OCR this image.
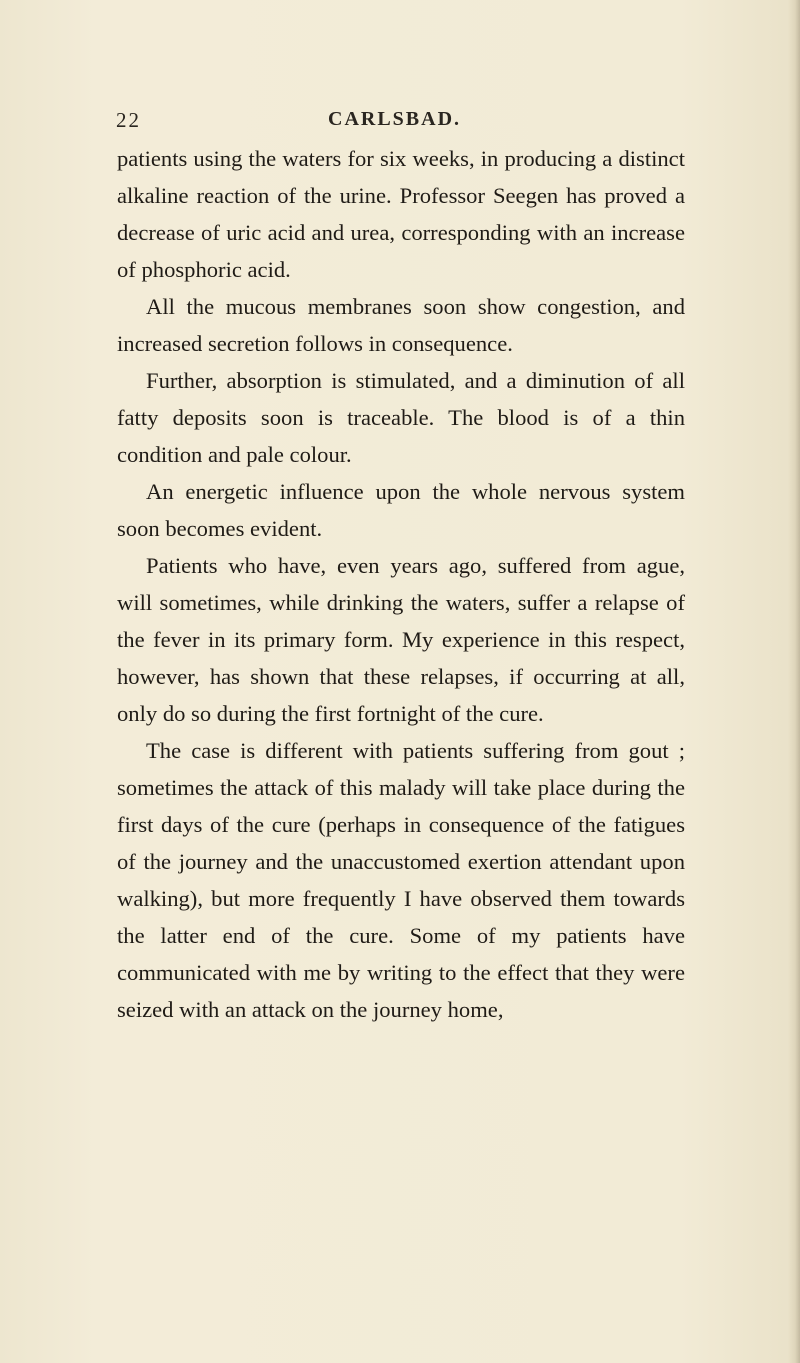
22	CARLSBAD.

patients using the waters for six weeks, in producing a distinct alkaline reaction of the urine. Professor Seegen has proved a decrease of uric acid and urea, corresponding with an increase of phosphoric acid.

All the mucous membranes soon show congestion, and increased secretion follows in consequence.

Further, absorption is stimulated, and a diminution of all fatty deposits soon is traceable. The blood is of a thin condition and pale colour.

An energetic influence upon the whole nervous system soon becomes evident.

Patients who have, even years ago, suffered from ague, will sometimes, while drinking the waters, suffer a relapse of the fever in its primary form. My experience in this respect, however, has shown that these relapses, if occurring at all, only do so during the first fortnight of the cure.

The case is different with patients suffering from gout ; sometimes the attack of this malady will take place during the first days of the cure (perhaps in consequence of the fatigues of the journey and the unaccustomed exertion attendant upon walking), but more frequently I have observed them towards the latter end of the cure. Some of my patients have communicated with me by writing to the effect that they were seized with an attack on the journey home,
